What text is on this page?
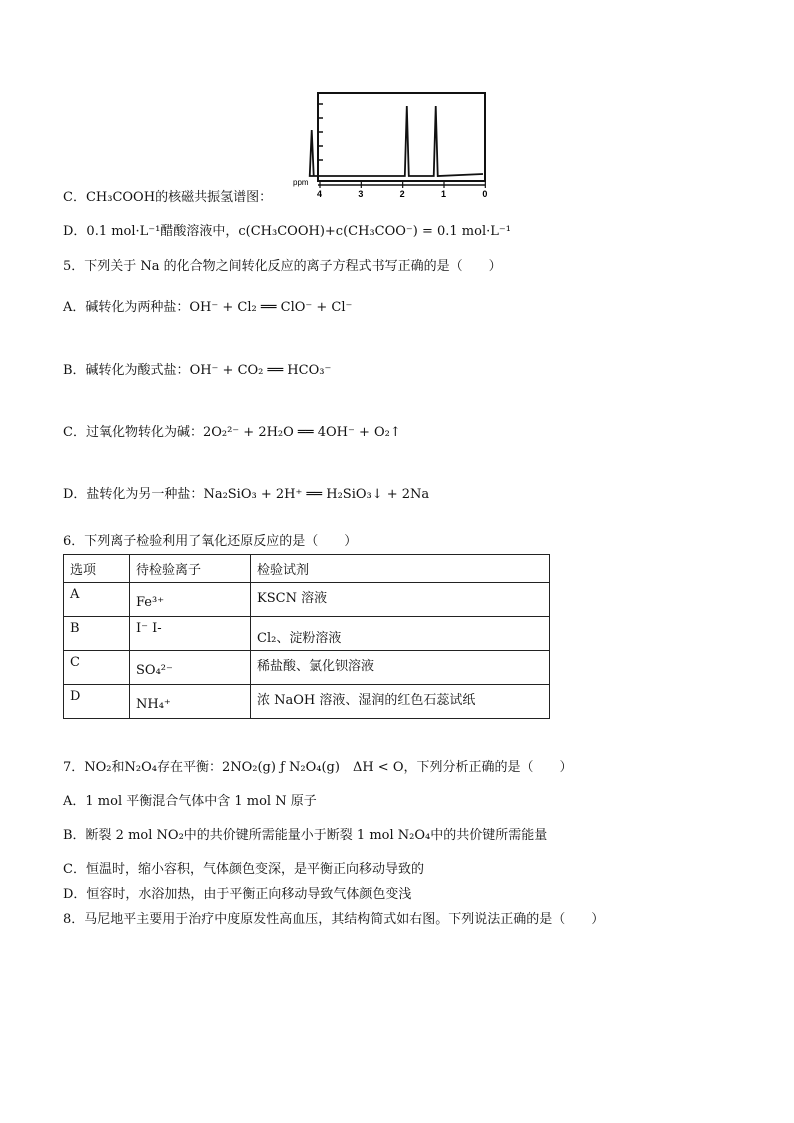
ppm
4	3	2	1	0
C．CH₃COOH的核磁共振氢谱图：
D．0.1 mol·L⁻¹醋酸溶液中，c(CH₃COOH)+c(CH₃COO⁻) = 0.1 mol·L⁻¹
5．下列关于 Na 的化合物之间转化反应的离子方程式书写正确的是（　　）
A．碱转化为两种盐：OH⁻ + Cl₂ ══ ClO⁻ + Cl⁻
B．碱转化为酸式盐：OH⁻ + CO₂ ══ HCO₃⁻
C．过氧化物转化为碱：2O₂²⁻ + 2H₂O ══ 4OH⁻ + O₂↑
D．盐转化为另一种盐：Na₂SiO₃ + 2H⁺ ══ H₂SiO₃↓ + 2Na
6．下列离子检验利用了氧化还原反应的是（　　）
选项	待检验离子	检验试剂
A	Fe³⁺	KSCN 溶液
B	I⁻ I-	Cl₂、淀粉溶液
C	SO₄²⁻	稀盐酸、氯化钡溶液
D	NH₄⁺	浓 NaOH 溶液、湿润的红色石蕊试纸
7．NO₂和N₂O₄存在平衡：2NO₂(g) ƒ N₂O₄(g)　ΔH < O，下列分析正确的是（　　）
A．1 mol 平衡混合气体中含 1 mol N 原子
B．断裂 2 mol NO₂中的共价键所需能量小于断裂 1 mol N₂O₄中的共价键所需能量
C．恒温时，缩小容积，气体颜色变深，是平衡正向移动导致的
D．恒容时，水浴加热，由于平衡正向移动导致气体颜色变浅
8．马尼地平主要用于治疗中度原发性高血压，其结构简式如右图。下列说法正确的是（　　）
